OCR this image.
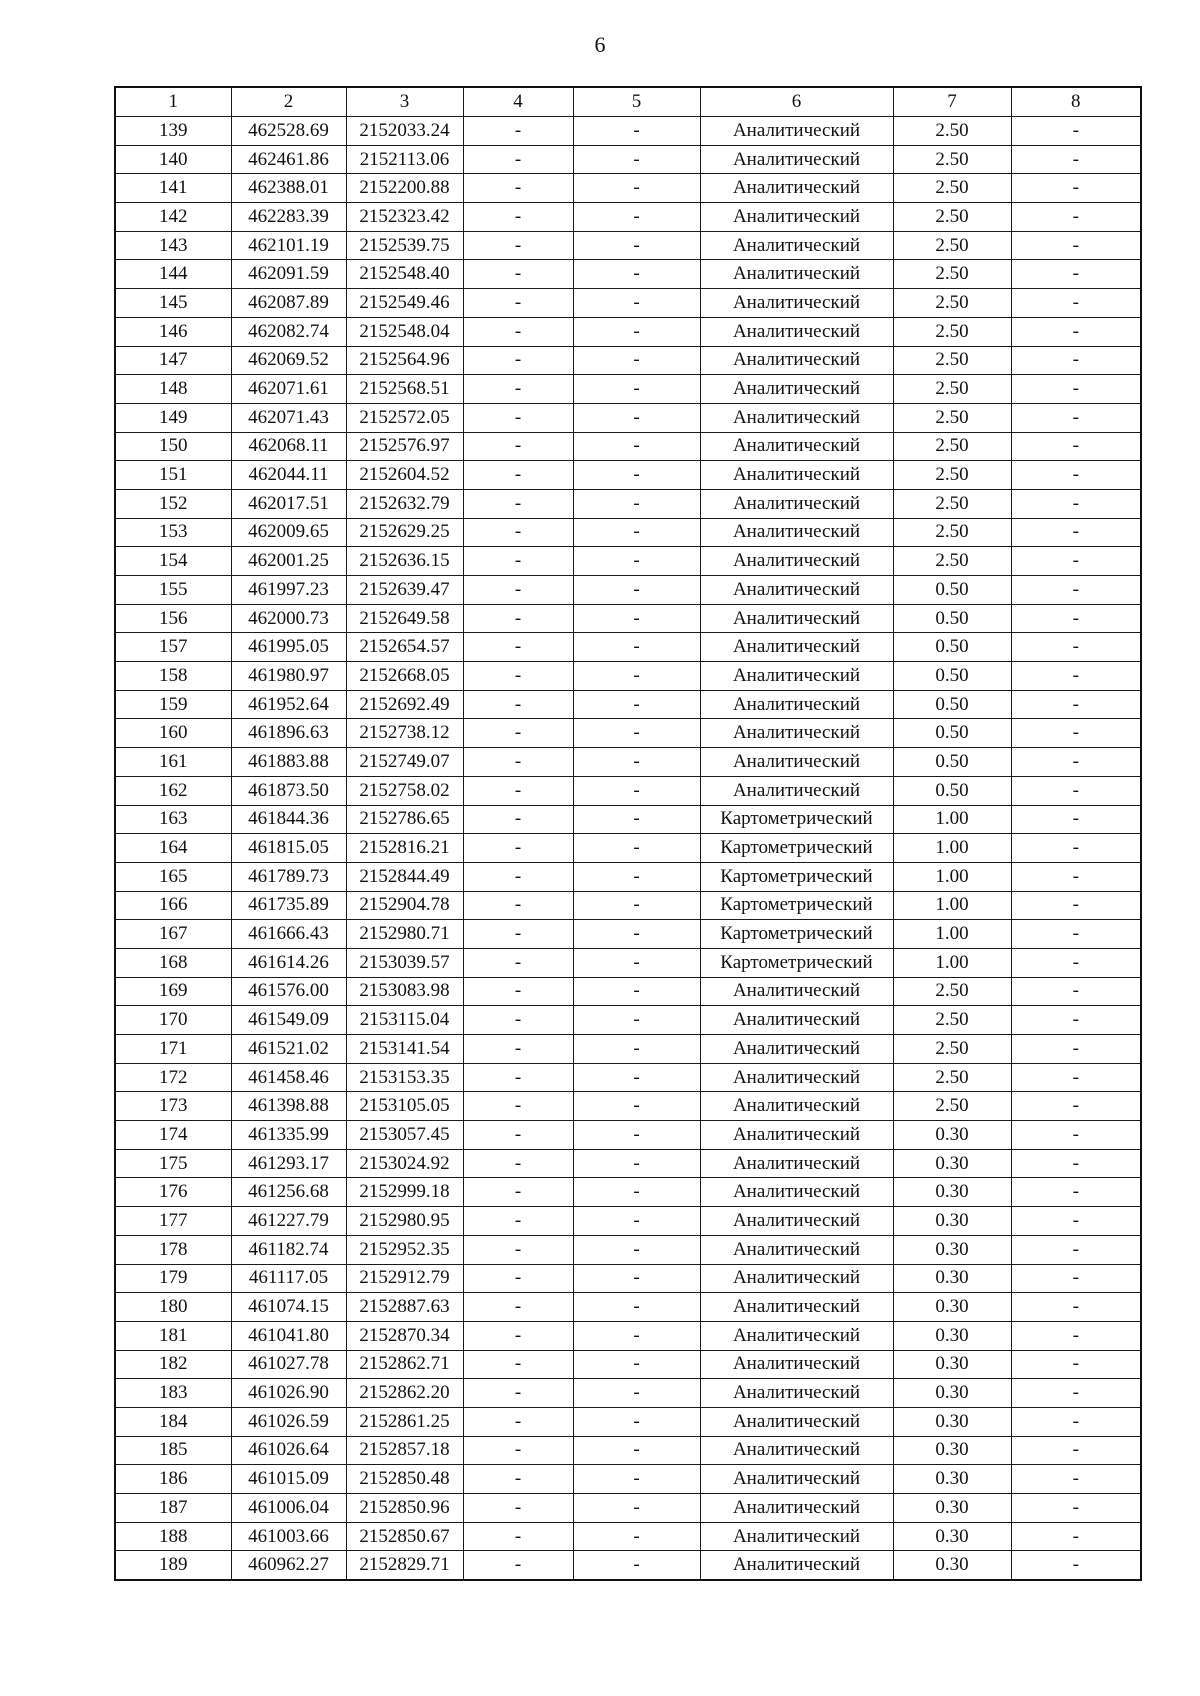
6
1	2	3	4	5	6	7	8
139	462528.69	2152033.24	-	-	Аналитический	2.50	-
140	462461.86	2152113.06	-	-	Аналитический	2.50	-
141	462388.01	2152200.88	-	-	Аналитический	2.50	-
142	462283.39	2152323.42	-	-	Аналитический	2.50	-
143	462101.19	2152539.75	-	-	Аналитический	2.50	-
144	462091.59	2152548.40	-	-	Аналитический	2.50	-
145	462087.89	2152549.46	-	-	Аналитический	2.50	-
146	462082.74	2152548.04	-	-	Аналитический	2.50	-
147	462069.52	2152564.96	-	-	Аналитический	2.50	-
148	462071.61	2152568.51	-	-	Аналитический	2.50	-
149	462071.43	2152572.05	-	-	Аналитический	2.50	-
150	462068.11	2152576.97	-	-	Аналитический	2.50	-
151	462044.11	2152604.52	-	-	Аналитический	2.50	-
152	462017.51	2152632.79	-	-	Аналитический	2.50	-
153	462009.65	2152629.25	-	-	Аналитический	2.50	-
154	462001.25	2152636.15	-	-	Аналитический	2.50	-
155	461997.23	2152639.47	-	-	Аналитический	0.50	-
156	462000.73	2152649.58	-	-	Аналитический	0.50	-
157	461995.05	2152654.57	-	-	Аналитический	0.50	-
158	461980.97	2152668.05	-	-	Аналитический	0.50	-
159	461952.64	2152692.49	-	-	Аналитический	0.50	-
160	461896.63	2152738.12	-	-	Аналитический	0.50	-
161	461883.88	2152749.07	-	-	Аналитический	0.50	-
162	461873.50	2152758.02	-	-	Аналитический	0.50	-
163	461844.36	2152786.65	-	-	Картометрический	1.00	-
164	461815.05	2152816.21	-	-	Картометрический	1.00	-
165	461789.73	2152844.49	-	-	Картометрический	1.00	-
166	461735.89	2152904.78	-	-	Картометрический	1.00	-
167	461666.43	2152980.71	-	-	Картометрический	1.00	-
168	461614.26	2153039.57	-	-	Картометрический	1.00	-
169	461576.00	2153083.98	-	-	Аналитический	2.50	-
170	461549.09	2153115.04	-	-	Аналитический	2.50	-
171	461521.02	2153141.54	-	-	Аналитический	2.50	-
172	461458.46	2153153.35	-	-	Аналитический	2.50	-
173	461398.88	2153105.05	-	-	Аналитический	2.50	-
174	461335.99	2153057.45	-	-	Аналитический	0.30	-
175	461293.17	2153024.92	-	-	Аналитический	0.30	-
176	461256.68	2152999.18	-	-	Аналитический	0.30	-
177	461227.79	2152980.95	-	-	Аналитический	0.30	-
178	461182.74	2152952.35	-	-	Аналитический	0.30	-
179	461117.05	2152912.79	-	-	Аналитический	0.30	-
180	461074.15	2152887.63	-	-	Аналитический	0.30	-
181	461041.80	2152870.34	-	-	Аналитический	0.30	-
182	461027.78	2152862.71	-	-	Аналитический	0.30	-
183	461026.90	2152862.20	-	-	Аналитический	0.30	-
184	461026.59	2152861.25	-	-	Аналитический	0.30	-
185	461026.64	2152857.18	-	-	Аналитический	0.30	-
186	461015.09	2152850.48	-	-	Аналитический	0.30	-
187	461006.04	2152850.96	-	-	Аналитический	0.30	-
188	461003.66	2152850.67	-	-	Аналитический	0.30	-
189	460962.27	2152829.71	-	-	Аналитический	0.30	-
